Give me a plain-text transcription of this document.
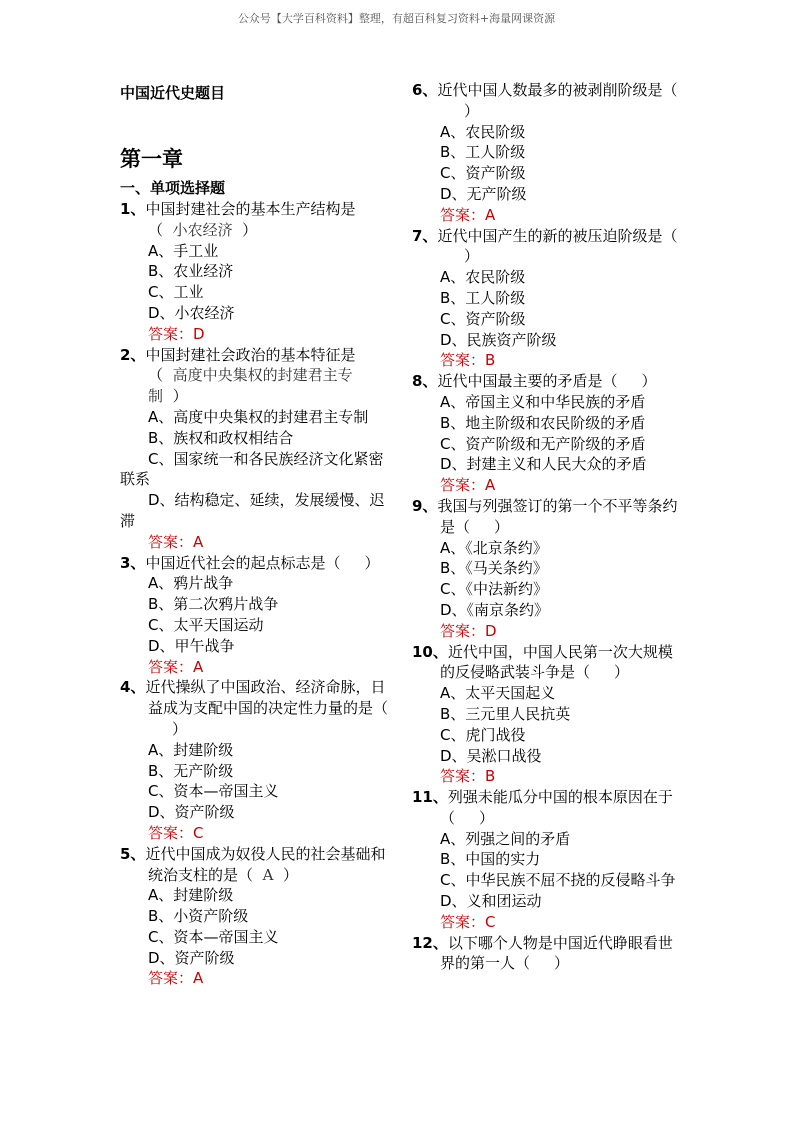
公众号【大学百科资料】整理，有超百科复习资料+海量网课资源
中国近代史题目
第一章
一、单项选择题
1、中国封建社会的基本生产结构是（ 小农经济 ）
A、手工业
B、农业经济
C、工业
D、小农经济
答案：D
2、中国封建社会政治的基本特征是（ 高度中央集权的封建君主专制 ）
A、高度中央集权的封建君主专制
B、族权和政权相结合
C、国家统一和各民族经济文化紧密联系
D、结构稳定、延续，发展缓慢、迟滞
答案：A
3、中国近代社会的起点标志是（ ）
A、鸦片战争
B、第二次鸦片战争
C、太平天国运动
D、甲午战争
答案：A
4、近代操纵了中国政治、经济命脉，日益成为支配中国的决定性力量的是（）
A、封建阶级
B、无产阶级
C、资本—帝国主义
D、资产阶级
答案：C
5、近代中国成为奴役人民的社会基础和统治支柱的是（ A ）
A、封建阶级
B、小资产阶级
C、资本—帝国主义
D、资产阶级
答案：A
6、近代中国人数最多的被剥削阶级是（）
A、农民阶级
B、工人阶级
C、资产阶级
D、无产阶级
答案：A
7、近代中国产生的新的被压迫阶级是（）
A、农民阶级
B、工人阶级
C、资产阶级
D、民族资产阶级
答案：B
8、近代中国最主要的矛盾是（ ）
A、帝国主义和中华民族的矛盾
B、地主阶级和农民阶级的矛盾
C、资产阶级和无产阶级的矛盾
D、封建主义和人民大众的矛盾
答案：A
9、我国与列强签订的第一个不平等条约是（ ）
A、《北京条约》
B、《马关条约》
C、《中法新约》
D、《南京条约》
答案：D
10、近代中国，中国人民第一次大规模的反侵略武装斗争是（ ）
A、太平天国起义
B、三元里人民抗英
C、虎门战役
D、吴淞口战役
答案：B
11、列强未能瓜分中国的根本原因在于（ ）
A、列强之间的矛盾
B、中国的实力
C、中华民族不屈不挠的反侵略斗争
D、义和团运动
答案：C
12、以下哪个人物是中国近代睁眼看世界的第一人（ ）
